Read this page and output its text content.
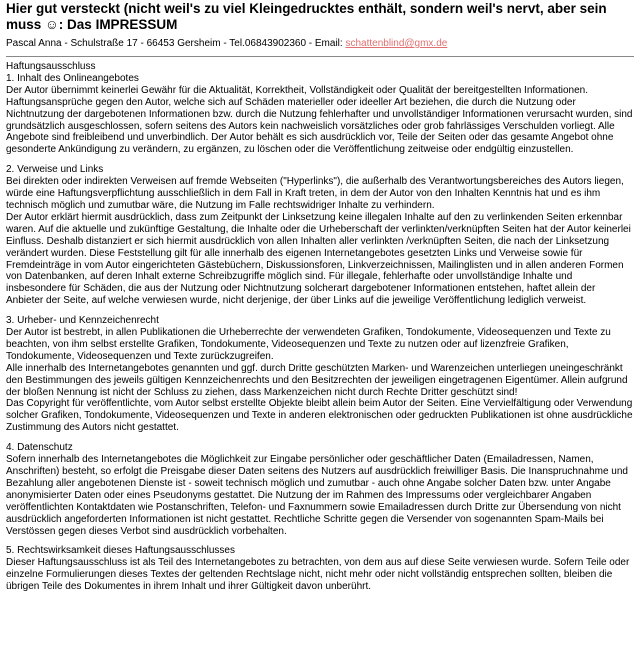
Hier gut versteckt (nicht weil's zu viel Kleingedrucktes enthält, sondern weil's nervt, aber sein muss ☺: Das IMPRESSUM
Pascal Anna - Schulstraße 17 - 66453 Gersheim - Tel.06843902360 - Email: schattenblind@gmx.de

Haftungsausschluss

1. Inhalt des Onlineangebotes

Der Autor übernimmt keinerlei Gewähr für die Aktualität, Korrektheit, Vollständigkeit oder Qualität der bereitgestellten Informationen. Haftungsansprüche gegen den Autor, welche sich auf Schäden materieller oder ideeller Art beziehen, die durch die Nutzung oder Nichtnutzung der dargebotenen Informationen bzw. durch die Nutzung fehlerhafter und unvollständiger Informationen verursacht wurden, sind grundsätzlich ausgeschlossen, sofern seitens des Autors kein nachweislich vorsätzliches oder grob fahrlässiges Verschulden vorliegt. Alle Angebote sind freibleibend und unverbindlich. Der Autor behält es sich ausdrücklich vor, Teile der Seiten oder das gesamte Angebot ohne gesonderte Ankündigung zu verändern, zu ergänzen, zu löschen oder die Veröffentlichung zeitweise oder endgültig einzustellen.

2. Verweise und Links

Bei direkten oder indirekten Verweisen auf fremde Webseiten ("Hyperlinks"), die außerhalb des Verantwortungsbereiches des Autors liegen, würde eine Haftungsverpflichtung ausschließlich in dem Fall in Kraft treten, in dem der Autor von den Inhalten Kenntnis hat und es ihm technisch möglich und zumutbar wäre, die Nutzung im Falle rechtswidriger Inhalte zu verhindern.

Der Autor erklärt hiermit ausdrücklich, dass zum Zeitpunkt der Linksetzung keine illegalen Inhalte auf den zu verlinkenden Seiten erkennbar waren. Auf die aktuelle und zukünftige Gestaltung, die Inhalte oder die Urheberschaft der verlinkten/verknüpften Seiten hat der Autor keinerlei Einfluss. Deshalb distanziert er sich hiermit ausdrücklich von allen Inhalten aller verlinkten /verknüpften Seiten, die nach der Linksetzung verändert wurden. Diese Feststellung gilt für alle innerhalb des eigenen Internetangebotes gesetzten Links und Verweise sowie für Fremdeinträge in vom Autor eingerichteten Gästebüchern, Diskussionsforen, Linkverzeichnissen, Mailinglisten und in allen anderen Formen von Datenbanken, auf deren Inhalt externe Schreibzugriffe möglich sind. Für illegale, fehlerhafte oder unvollständige Inhalte und insbesondere für Schäden, die aus der Nutzung oder Nichtnutzung solcherart dargebotener Informationen entstehen, haftet allein der Anbieter der Seite, auf welche verwiesen wurde, nicht derjenige, der über Links auf die jeweilige Veröffentlichung lediglich verweist.

3. Urheber- und Kennzeichenrecht

Der Autor ist bestrebt, in allen Publikationen die Urheberrechte der verwendeten Grafiken, Tondokumente, Videosequenzen und Texte zu beachten, von ihm selbst erstellte Grafiken, Tondokumente, Videosequenzen und Texte zu nutzen oder auf lizenzfreie Grafiken, Tondokumente, Videosequenzen und Texte zurückzugreifen.

Alle innerhalb des Internetangebotes genannten und ggf. durch Dritte geschützten Marken- und Warenzeichen unterliegen uneingeschränkt den Bestimmungen des jeweils gültigen Kennzeichenrechts und den Besitzrechten der jeweiligen eingetragenen Eigentümer. Allein aufgrund der bloßen Nennung ist nicht der Schluss zu ziehen, dass Markenzeichen nicht durch Rechte Dritter geschützt sind!

Das Copyright für veröffentlichte, vom Autor selbst erstellte Objekte bleibt allein beim Autor der Seiten. Eine Vervielfältigung oder Verwendung solcher Grafiken, Tondokumente, Videosequenzen und Texte in anderen elektronischen oder gedruckten Publikationen ist ohne ausdrückliche Zustimmung des Autors nicht gestattet.

4. Datenschutz

Sofern innerhalb des Internetangebotes die Möglichkeit zur Eingabe persönlicher oder geschäftlicher Daten (Emailadressen, Namen, Anschriften) besteht, so erfolgt die Preisgabe dieser Daten seitens des Nutzers auf ausdrücklich freiwilliger Basis. Die Inanspruchnahme und Bezahlung aller angebotenen Dienste ist - soweit technisch möglich und zumutbar - auch ohne Angabe solcher Daten bzw. unter Angabe anonymisierter Daten oder eines Pseudonyms gestattet. Die Nutzung der im Rahmen des Impressums oder vergleichbarer Angaben veröffentlichten Kontaktdaten wie Postanschriften, Telefon- und Faxnummern sowie Emailadressen durch Dritte zur Übersendung von nicht ausdrücklich angeforderten Informationen ist nicht gestattet. Rechtliche Schritte gegen die Versender von sogenannten Spam-Mails bei Verstössen gegen dieses Verbot sind ausdrücklich vorbehalten.

5. Rechtswirksamkeit dieses Haftungsausschlusses

Dieser Haftungsausschluss ist als Teil des Internetangebotes zu betrachten, von dem aus auf diese Seite verwiesen wurde. Sofern Teile oder einzelne Formulierungen dieses Textes der geltenden Rechtslage nicht, nicht mehr oder nicht vollständig entsprechen sollten, bleiben die übrigen Teile des Dokumentes in ihrem Inhalt und ihrer Gültigkeit davon unberührt.
